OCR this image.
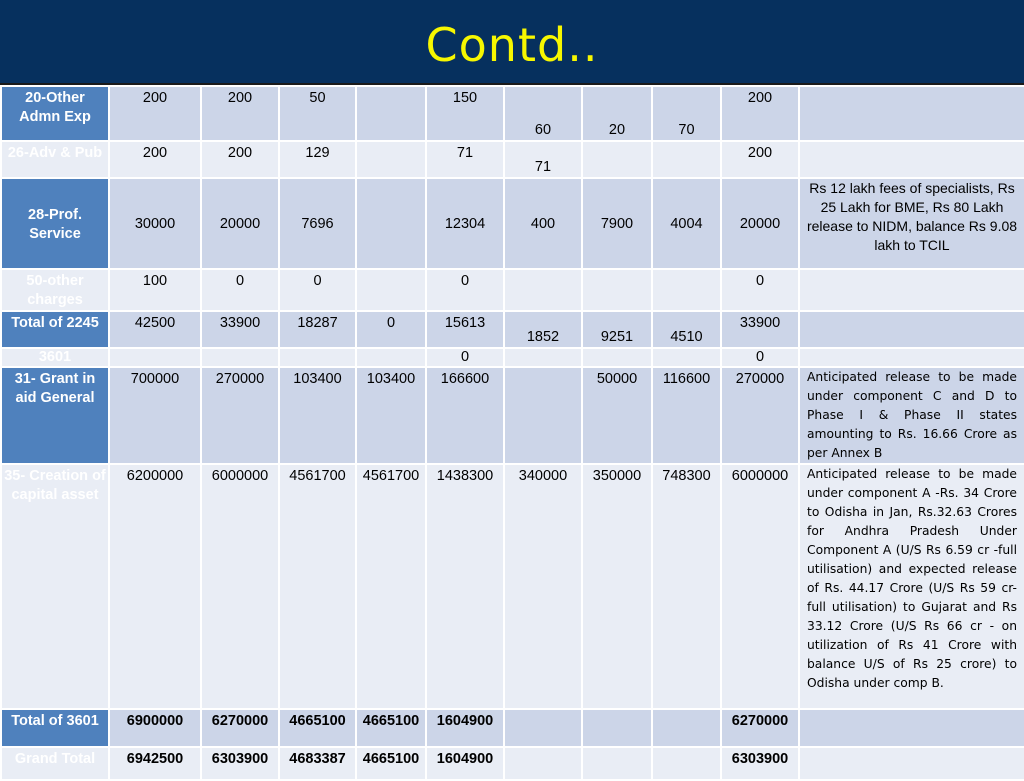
Contd..
20-Other Admn Exp	200	200	50		150	60	20	70	200	
26-Adv & Pub	200	200	129		71	71			200	
28-Prof. Service	30000	20000	7696		12304	400	7900	4004	20000	Rs 12 lakh fees of specialists, Rs 25 Lakh for BME, Rs 80 Lakh release to NIDM, balance Rs 9.08 lakh to TCIL
50-other charges	100	0	0		0				0	
Total of 2245	42500	33900	18287	0	15613	1852	9251	4510	33900	
3601					0				0	
31- Grant in aid General	700000	270000	103400	103400	166600		50000	116600	270000	Anticipated release to be made under component C and D to Phase I & Phase II states amounting to Rs. 16.66 Crore as per Annex B
35- Creation of capital asset	6200000	6000000	4561700	4561700	1438300	340000	350000	748300	6000000	Anticipated release to be made under component A -Rs. 34 Crore to Odisha in Jan, Rs.32.63 Crores for Andhra Pradesh Under Component A (U/S Rs 6.59 cr -full utilisation) and expected release of Rs. 44.17 Crore (U/S Rs 59 cr- full utilisation) to Gujarat and Rs 33.12 Crore (U/S Rs 66 cr - on utilization of Rs 41 Crore with balance U/S of Rs 25 crore) to Odisha under comp B.
Total of 3601	6900000	6270000	4665100	4665100	1604900				6270000	
Grand Total	6942500	6303900	4683387	4665100	1604900				6303900	
